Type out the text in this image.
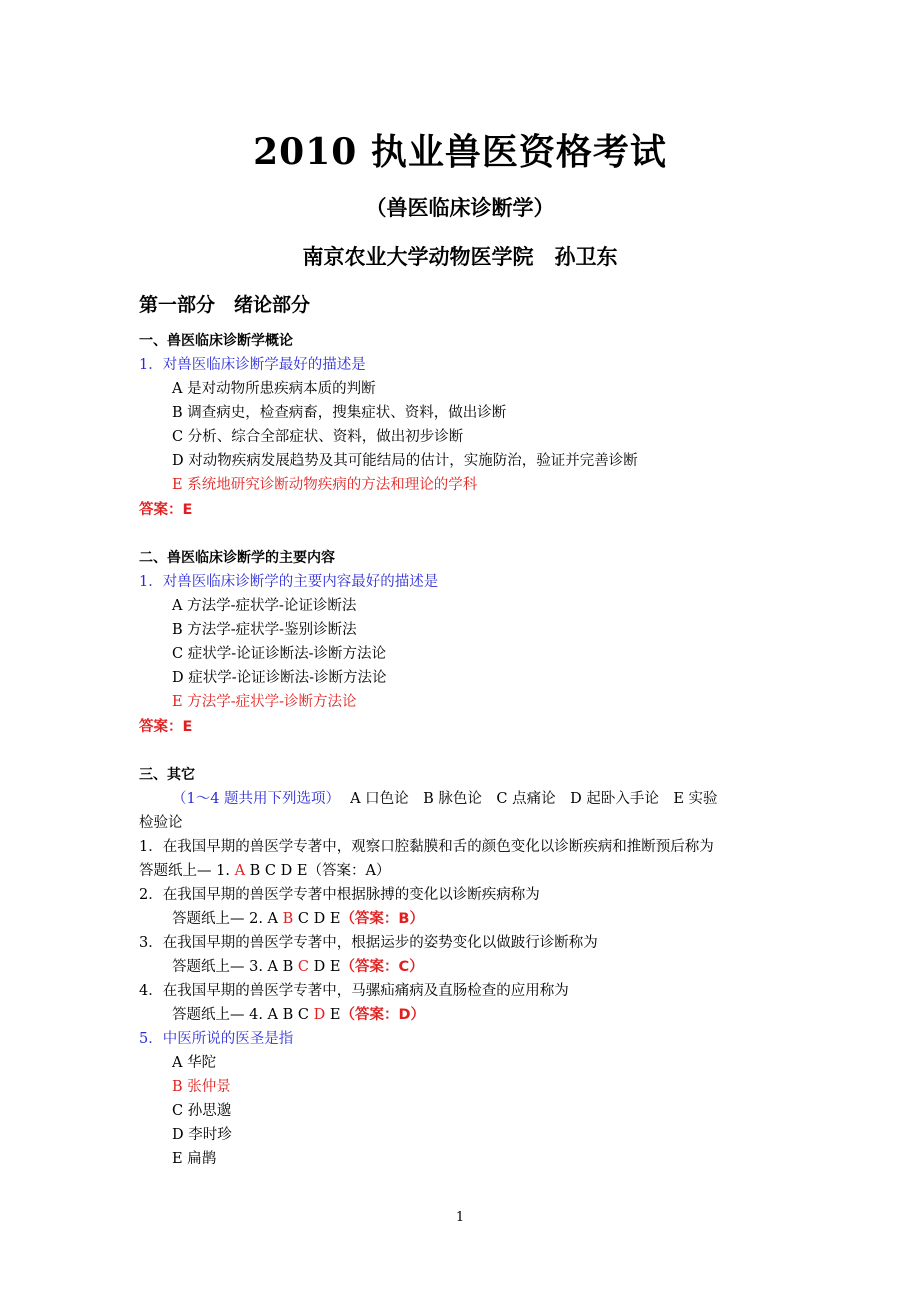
2010 执业兽医资格考试
（兽医临床诊断学）
南京农业大学动物医学院　孙卫东
第一部分　绪论部分
一、兽医临床诊断学概论
1．对兽医临床诊断学最好的描述是
A 是对动物所患疾病本质的判断
B 调查病史，检查病畜，搜集症状、资料，做出诊断
C 分析、综合全部症状、资料，做出初步诊断
D 对动物疾病发展趋势及其可能结局的估计，实施防治，验证并完善诊断
E 系统地研究诊断动物疾病的方法和理论的学科
答案：E
二、兽医临床诊断学的主要内容
1．对兽医临床诊断学的主要内容最好的描述是
A 方法学-症状学-论证诊断法
B 方法学-症状学-鉴别诊断法
C 症状学-论证诊断法-诊断方法论
D 症状学-论证诊断法-诊断方法论
E 方法学-症状学-诊断方法论
答案：E
三、其它
（1～4 题共用下列选项） A 口色论　B 脉色论　C 点痛论　D 起卧入手论　E 实验
检验论
1．在我国早期的兽医学专著中，观察口腔黏膜和舌的颜色变化以诊断疾病和推断预后称为
答题纸上— 1. A B C D E（答案：A）
2．在我国早期的兽医学专著中根据脉搏的变化以诊断疾病称为
答题纸上— 2. A B C D E（答案：B）
3．在我国早期的兽医学专著中，根据运步的姿势变化以做跛行诊断称为
答题纸上— 3. A B C D E（答案：C）
4．在我国早期的兽医学专著中，马骡疝痛病及直肠检查的应用称为
答题纸上— 4. A B C D E（答案：D）
5．中医所说的医圣是指
A 华陀
B 张仲景
C 孙思邈
D 李时珍
E 扁鹊
1
